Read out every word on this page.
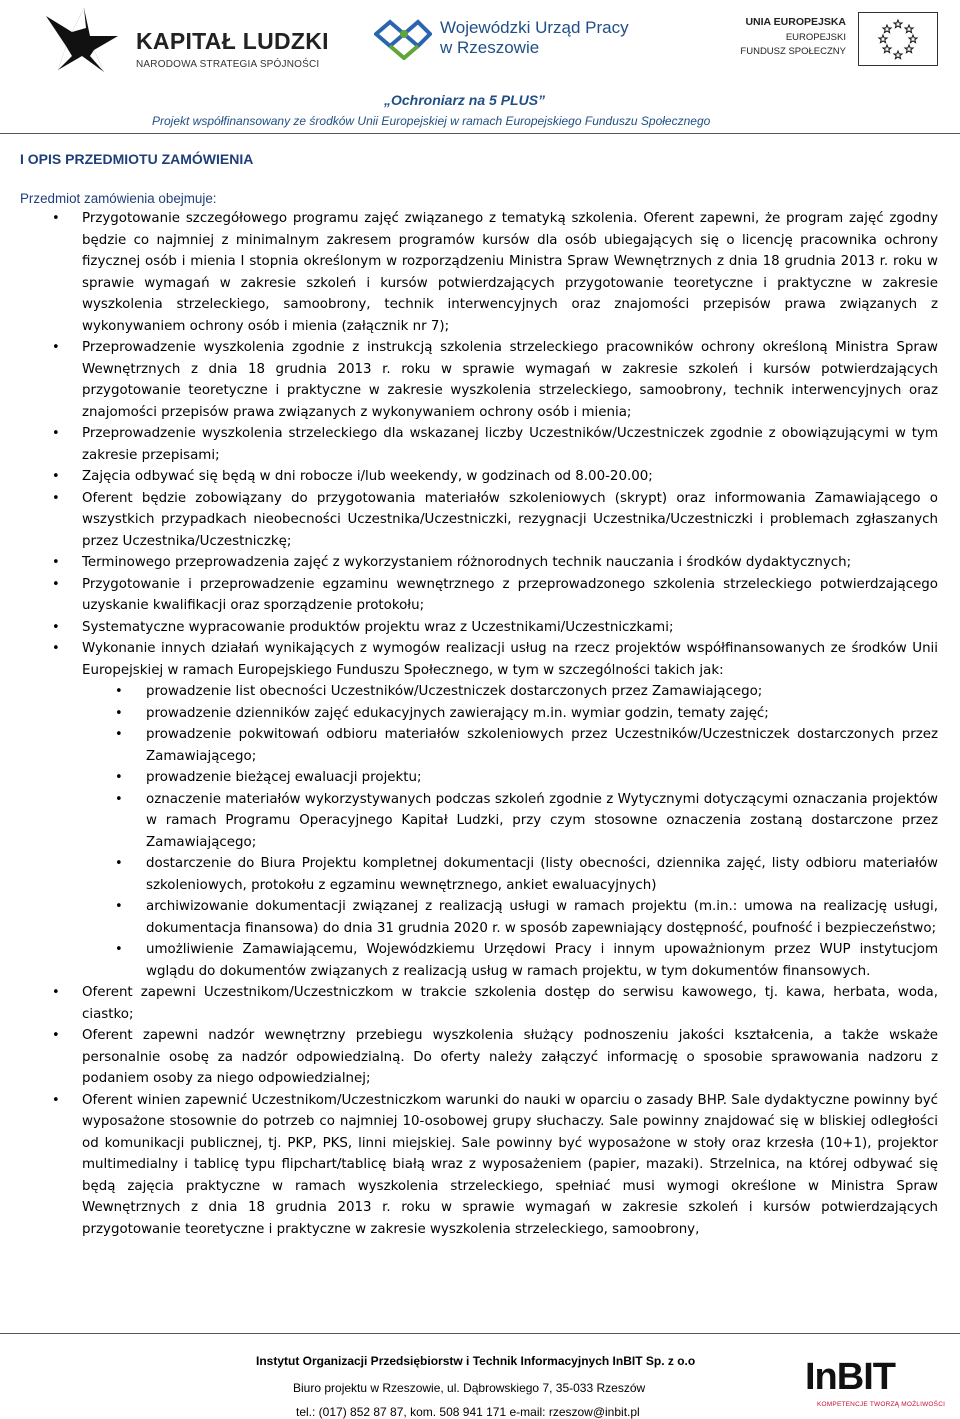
KAPITAŁ LUDZKI
NARODOWA STRATEGIA SPÓJNOŚCI
Wojewódzki Urząd Pracy
w Rzeszowie
UNIA EUROPEJSKA
EUROPEJSKI
FUNDUSZ SPOŁECZNY
„Ochroniarz na 5 PLUS”
Projekt współfinansowany ze środków Unii Europejskiej w ramach Europejskiego Funduszu Społecznego
I OPIS PRZEDMIOTU ZAMÓWIENIA
Przedmiot zamówienia obejmuje:
• Przygotowanie szczegółowego programu zajęć związanego z tematyką szkolenia. Oferent zapewni, że program zajęć zgodny będzie co najmniej z minimalnym zakresem programów kursów dla osób ubiegających się o licencję pracownika ochrony fizycznej osób i mienia I stopnia określonym w rozporządzeniu Ministra Spraw Wewnętrznych z dnia 18 grudnia 2013 r. roku w sprawie wymagań w zakresie szkoleń i kursów potwierdzających przygotowanie teoretyczne i praktyczne w zakresie wyszkolenia strzeleckiego, samoobrony, technik interwencyjnych oraz znajomości przepisów prawa związanych z wykonywaniem ochrony osób i mienia (załącznik nr 7);
• Przeprowadzenie wyszkolenia zgodnie z instrukcją szkolenia strzeleckiego pracowników ochrony określoną Ministra Spraw Wewnętrznych z dnia 18 grudnia 2013 r. roku w sprawie wymagań w zakresie szkoleń i kursów potwierdzających przygotowanie teoretyczne i praktyczne w zakresie wyszkolenia strzeleckiego, samoobrony, technik interwencyjnych oraz znajomości przepisów prawa związanych z wykonywaniem ochrony osób i mienia;
• Przeprowadzenie wyszkolenia strzeleckiego dla wskazanej liczby Uczestników/Uczestniczek zgodnie z obowiązującymi w tym zakresie przepisami;
• Zajęcia odbywać się będą w dni robocze i/lub weekendy, w godzinach od 8.00-20.00;
• Oferent będzie zobowiązany do przygotowania materiałów szkoleniowych (skrypt) oraz informowania Zamawiającego o wszystkich przypadkach nieobecności Uczestnika/Uczestniczki, rezygnacji Uczestnika/Uczestniczki i problemach zgłaszanych przez Uczestnika/Uczestniczkę;
• Terminowego przeprowadzenia zajęć z wykorzystaniem różnorodnych technik nauczania i środków dydaktycznych;
• Przygotowanie i przeprowadzenie egzaminu wewnętrznego z przeprowadzonego szkolenia strzeleckiego potwierdzającego uzyskanie kwalifikacji oraz sporządzenie protokołu;
• Systematyczne wypracowanie produktów projektu wraz z Uczestnikami/Uczestniczkami;
• Wykonanie innych działań wynikających z wymogów realizacji usług na rzecz projektów współfinansowanych ze środków Unii Europejskiej w ramach Europejskiego Funduszu Społecznego, w tym w szczególności takich jak:
• prowadzenie list obecności Uczestników/Uczestniczek dostarczonych przez Zamawiającego;
• prowadzenie dzienników zajęć edukacyjnych zawierający m.in. wymiar godzin, tematy zajęć;
• prowadzenie pokwitowań odbioru materiałów szkoleniowych przez Uczestników/Uczestniczek dostarczonych przez Zamawiającego;
• prowadzenie bieżącej ewaluacji projektu;
• oznaczenie materiałów wykorzystywanych podczas szkoleń zgodnie z Wytycznymi dotyczącymi oznaczania projektów w ramach Programu Operacyjnego Kapitał Ludzki, przy czym stosowne oznaczenia zostaną dostarczone przez Zamawiającego;
• dostarczenie do Biura Projektu kompletnej dokumentacji (listy obecności, dziennika zajęć, listy odbioru materiałów szkoleniowych, protokołu z egzaminu wewnętrznego, ankiet ewaluacyjnych)
• archiwizowanie dokumentacji związanej z realizacją usługi w ramach projektu (m.in.: umowa na realizację usługi, dokumentacja finansowa) do dnia 31 grudnia 2020 r. w sposób zapewniający dostępność, poufność i bezpieczeństwo;
• umożliwienie Zamawiającemu, Wojewódzkiemu Urzędowi Pracy i innym upoważnionym przez WUP instytucjom wglądu do dokumentów związanych z realizacją usług w ramach projektu, w tym dokumentów finansowych.
• Oferent zapewni Uczestnikom/Uczestniczkom w trakcie szkolenia dostęp do serwisu kawowego, tj. kawa, herbata, woda, ciastko;
• Oferent zapewni nadzór wewnętrzny przebiegu wyszkolenia służący podnoszeniu jakości kształcenia, a także wskaże personalnie osobę za nadzór odpowiedzialną. Do oferty należy załączyć informację o sposobie sprawowania nadzoru z podaniem osoby za niego odpowiedzialnej;
• Oferent winien zapewnić Uczestnikom/Uczestniczkom warunki do nauki w oparciu o zasady BHP. Sale dydaktyczne powinny być wyposażone stosownie do potrzeb co najmniej 10-osobowej grupy słuchaczy. Sale powinny znajdować się w bliskiej odległości od komunikacji publicznej, tj. PKP, PKS, linni miejskiej. Sale powinny być wyposażone w stoły oraz krzesła (10+1), projektor multimedialny i tablicę typu flipchart/tablicę białą wraz z wyposażeniem (papier, mazaki). Strzelnica, na której odbywać się będą zajęcia praktyczne w ramach wyszkolenia strzeleckiego, spełniać musi wymogi określone w Ministra Spraw Wewnętrznych z dnia 18 grudnia 2013 r. roku w sprawie wymagań w zakresie szkoleń i kursów potwierdzających przygotowanie teoretyczne i praktyczne w zakresie wyszkolenia strzeleckiego, samoobrony,
Instytut Organizacji Przedsiębiorstw i Technik Informacyjnych InBIT Sp. z o.o
Biuro projektu w Rzeszowie, ul. Dąbrowskiego 7, 35-033 Rzeszów
tel.: (017) 852 87 87, kom. 508 941 171 e-mail: rzeszow@inbit.pl
InBIT
KOMPETENCJE TWORZĄ MOŻLIWOŚCI
